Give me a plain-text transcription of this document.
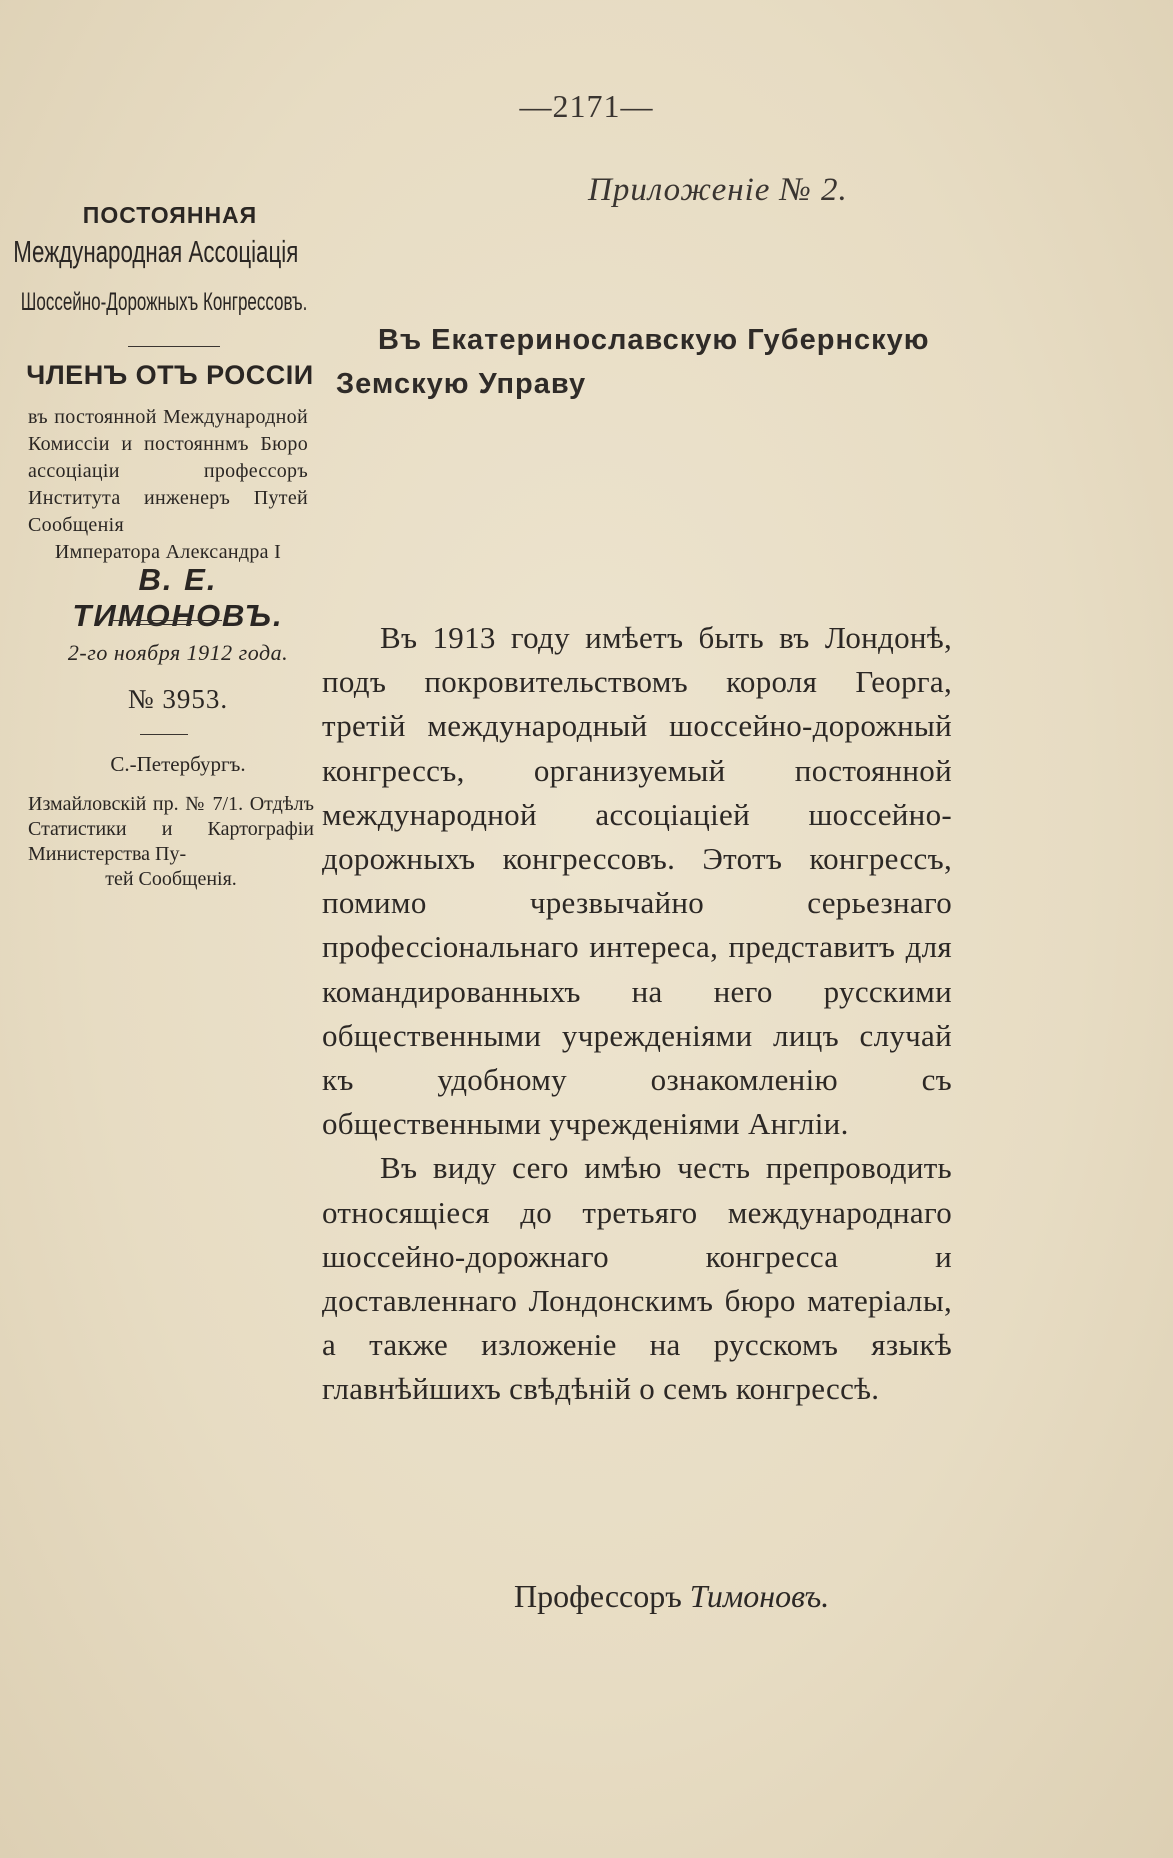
—2171—
Приложеніе № 2.
ПОСТОЯННАЯ
Международная Ассоціація
Шоссейно-Дорожныхъ Конгрессовъ.
ЧЛЕНЪ ОТЪ РОССІИ
въ постоянной Международной Комиссіи и постояннмъ Бюро ассоціаціи профессоръ Института инженеръ Путей Сообщенія
Императора Александра I
В. Е. ТИМОНОВЪ.
2-го ноября 1912 года.
№ 3953.
С.-Петербургъ.
Измайловскій пр. № 7/1. Отдѣлъ Статистики и Картографіи Министерства Пу-
тей Сообщенія.
Въ Екатеринославскую Губернскую
Земскую Управу

Въ 1913 году имѣетъ быть въ Лондонѣ, подъ покровительствомъ короля Георга, третій международный шоссейно-дорожный конгрессъ, организуемый постоянной международной ассоціаціей шоссейно-дорожныхъ конгрессовъ. Этотъ конгрессъ, помимо чрезвычайно серьезнаго профессіональнаго интереса, представитъ для командированныхъ на него русскими общественными учрежденіями лицъ случай къ удобному ознакомленію съ общественными учрежденіями Англіи.

Въ виду сего имѣю честь препроводить относящіеся до третьяго международнаго шоссейно-дорожнаго конгресса и доставленнаго Лондонскимъ бюро матеріалы, а также изложеніе на русскомъ языкѣ главнѣйшихъ свѣдѣній о семъ конгрессѣ.

Профессоръ Тимоновъ.
